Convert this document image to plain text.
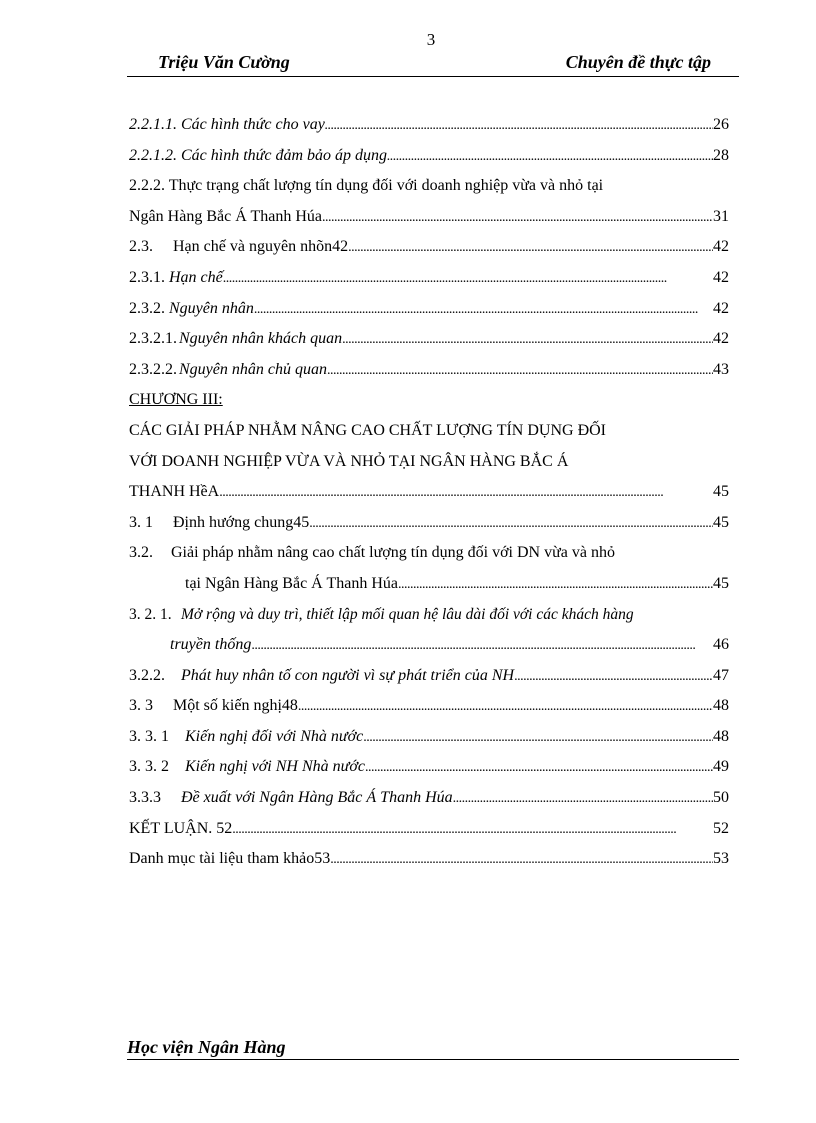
3
Triệu Văn Cường	Chuyên đề thực tập
2.2.1.1. Các hình thức cho vay . . .	26
2.2.1.2. Các hình thức đảm bảo áp dụng . . .	28
2.2.2. Thực trạng chất lượng tín dụng đối với doanh nghiệp vừa và nhỏ tại
Ngân Hàng Bắc Á Thanh Húa . . .	31
2.3.	Hạn chế và nguyên nhõn42 . . .	42
2.3.1. Hạn chế . . .	42
2.3.2. Nguyên nhân . . .	42
2.3.2.1. Nguyên nhân khách quan . . .	42
2.3.2.2. Nguyên nhân chủ quan . . .	43
CHƯƠNG III:
CÁC GIẢI PHÁP NHẰM NÂNG CAO CHẤT LƯỢNG TÍN DỤNG ĐỐI
VỚI DOANH NGHIỆP VỪA VÀ NHỎ TẠI NGÂN HÀNG BẮC Á
THANH HềA . . .	45
3. 1	Định hướng chung45 . . .	45
3.2. Giải pháp nhằm nâng cao chất lượng tín dụng đối với DN vừa và nhỏ
tại Ngân Hàng Bắc Á Thanh Húa . . .	45
3. 2. 1. Mở rộng và duy trì, thiết lập mối quan hệ lâu dài đối với các khách hàng
truyền thống . . .	46
3.2.2.	Phát huy nhân tố con người vì sự phát triển của NH . . .	47
3. 3	Một số kiến nghị48 . . .	48
3. 3. 1	Kiến nghị đối với Nhà nước . . .	48
3. 3. 2	Kiến nghị với NH Nhà nước . . .	49
3.3.3	Đề xuất với Ngân Hàng Bắc Á Thanh Húa . . .	50
KẾT LUẬN. 52 . . .	52
Danh mục tài liệu tham khảo53 . . .	53
Học viện Ngân Hàng
